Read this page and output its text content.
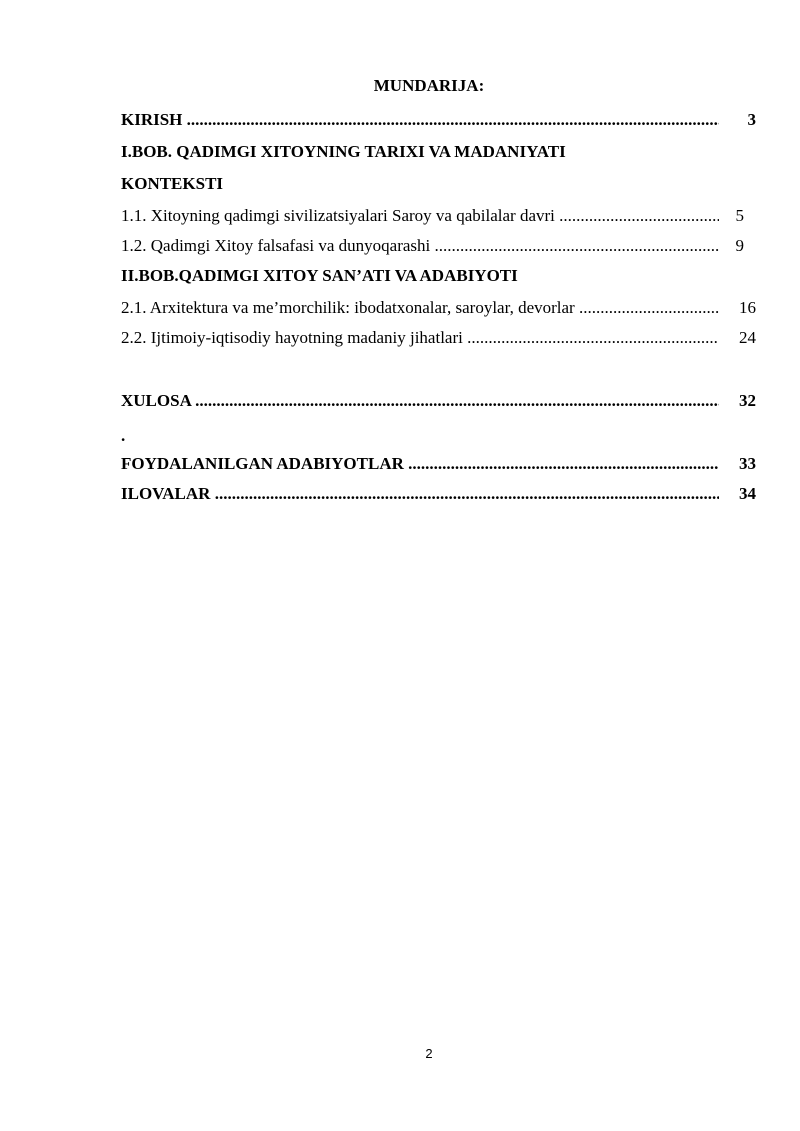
MUNDARIJA:
KIRISH .....	3
I.BOB. QADIMGI XITOYNING TARIXI VA MADANIYATI
KONTEKSTI
1.1. Xitoyning qadimgi sivilizatsiyalari Saroy va qabilalar davri .....	5
1.2. Qadimgi Xitoy falsafasi va dunyoqarashi .....	9
II.BOB.QADIMGI XITOY SAN’ATI VA ADABIYOTI
2.1. Arxitektura va me’morchilik: ibodatxonalar, saroylar, devorlar .....	16
2.2. Ijtimoiy-iqtisodiy hayotning madaniy jihatlari .....	24
XULOSA .....	32
.
FOYDALANILGAN ADABIYOTLAR .....	33
ILOVALAR .....	34
2
